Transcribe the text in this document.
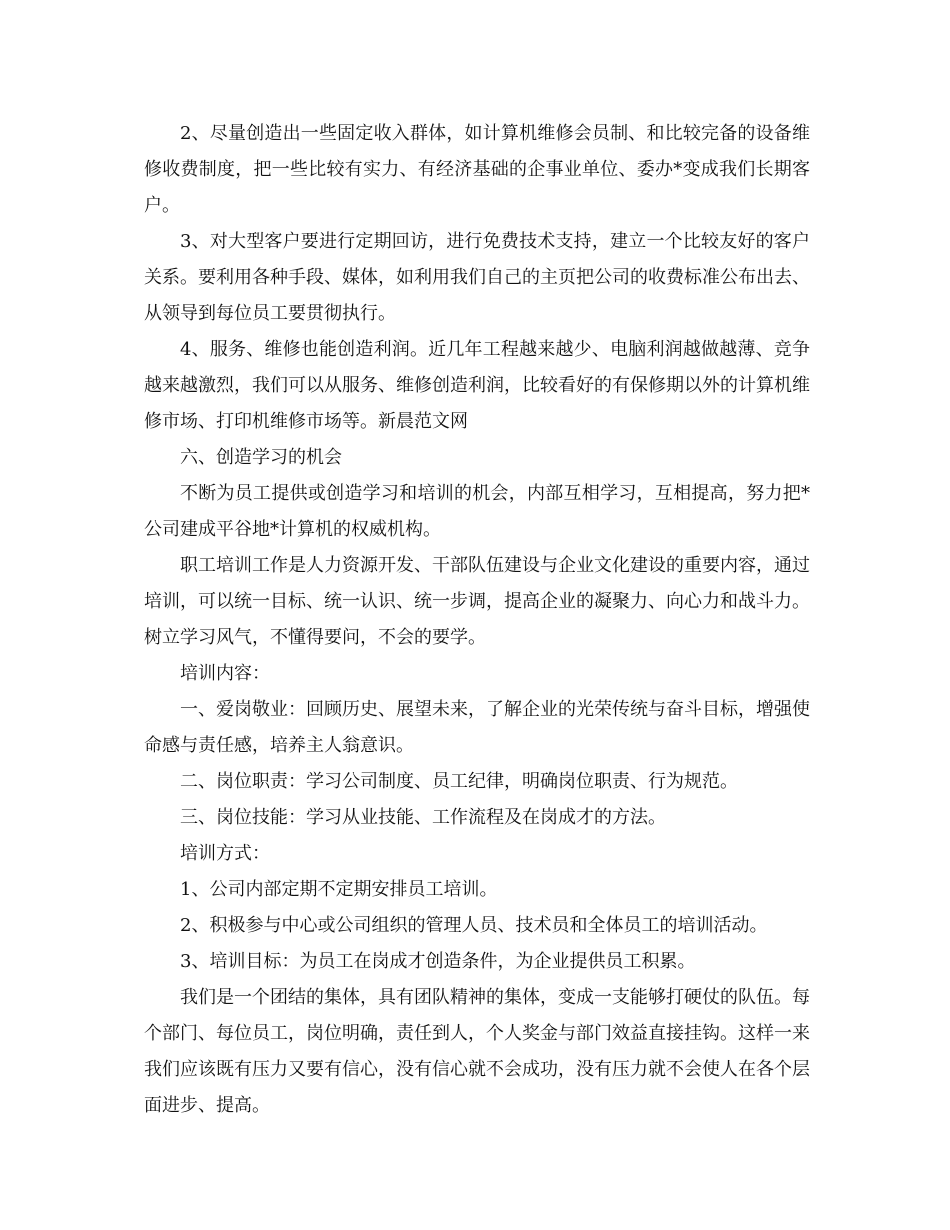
2、尽量创造出一些固定收入群体，如计算机维修会员制、和比较完备的设备维修收费制度，把一些比较有实力、有经济基础的企事业单位、委办*变成我们长期客户。

3、对大型客户要进行定期回访，进行免费技术支持，建立一个比较友好的客户关系。要利用各种手段、媒体，如利用我们自己的主页把公司的收费标准公布出去、从领导到每位员工要贯彻执行。

4、服务、维修也能创造利润。近几年工程越来越少、电脑利润越做越薄、竞争越来越激烈，我们可以从服务、维修创造利润，比较看好的有保修期以外的计算机维修市场、打印机维修市场等。新晨范文网

六、创造学习的机会

不断为员工提供或创造学习和培训的机会，内部互相学习，互相提高，努力把*公司建成平谷地*计算机的权威机构。

职工培训工作是人力资源开发、干部队伍建设与企业文化建设的重要内容，通过培训，可以统一目标、统一认识、统一步调，提高企业的凝聚力、向心力和战斗力。树立学习风气，不懂得要问，不会的要学。

培训内容：

一、爱岗敬业：回顾历史、展望未来，了解企业的光荣传统与奋斗目标，增强使命感与责任感，培养主人翁意识。

二、岗位职责：学习公司制度、员工纪律，明确岗位职责、行为规范。

三、岗位技能：学习从业技能、工作流程及在岗成才的方法。

培训方式：

1、公司内部定期不定期安排员工培训。

2、积极参与中心或公司组织的管理人员、技术员和全体员工的培训活动。

3、培训目标：为员工在岗成才创造条件，为企业提供员工积累。

我们是一个团结的集体，具有团队精神的集体，变成一支能够打硬仗的队伍。每个部门、每位员工，岗位明确，责任到人，个人奖金与部门效益直接挂钩。这样一来我们应该既有压力又要有信心，没有信心就不会成功，没有压力就不会使人在各个层面进步、提高。
